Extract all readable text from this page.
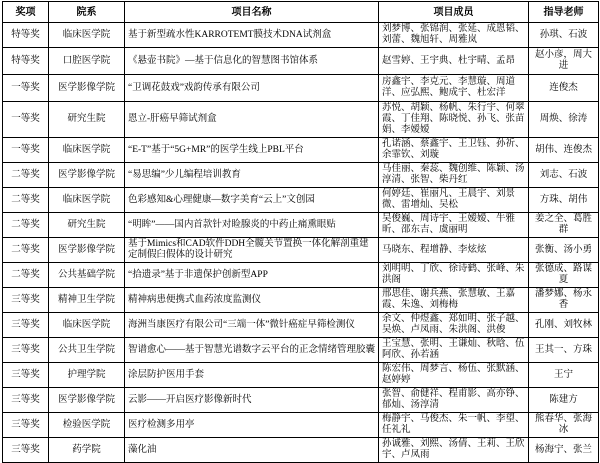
奖项	院系	项目名称	项目成员	指导老师
特等奖	临床医学院	基于新型疏水性KARROTEMT膜技术DNA试剂盒	刘梦博、张锦润、张延、成恩韬、刘蕾、魏旭轩、周雅岚	孙琪、石波
特等奖	口腔医学院	《悬壶书院》—基于信息化的智慧图书馆体系	赵雪婷、王宇典、杜宇晴、孟昂	赵小彦，周大进
一等奖	医学影像学院	“卫调花鼓戏”戏韵传承有限公司	房鑫宇、李克元、李慧璇、周道洋、应弘熙、鲍成宇、杜宏洋	连俊杰
一等奖	研究生院	恩立-肝癌早筛试剂盒	苏悦、胡颖、杨帆、朱行宇、何翠霞、丁佳翔、陈晓悦、孙飞、张苗娟、李嫒嫒	周焕、徐涛
一等奖	临床医学院	“E-T”基于“5G+MR”的医学生线上PBL平台	孔诺涵、蔡鑫宇、王卫钰、孙祈、余霏钦、刘璇	胡伟、连俊杰
二等奖	医学影像学院	“易思编”少儿编程培训教育	马佳丽、秦蕊、魏创维、陈颖、汤淳清、张智、柴丹红	刘志、石波
二等奖	临床医学院	色彩感知&心理健康—数字美育“云上”文创园	何婷廷、崔丽凡、王晨宇、刘景微、雷增灿、吴松	方珠、胡伟
二等奖	研究生院	“明眸”——国内首款针对睑腺炎的中药止痛熏眼贴	吴俊巍、周诗宇、王嫒嫒、牛雅昕、邵东吉、虞丽明	姜之全、葛胜群
二等奖	医学影像学院	基于Mimics和CAD软件DDH全髋关节置换一体化解剖重建定制假臼假体的设计研究	马晓东、程增静、李炫炫	张衡、汤小勇
二等奖	公共基础学院	“拾遗录”基于非遗保护创新型APP	刘明明、丁欣、徐诗鹤、张峰、朱洪阁	张德成、路谋夏
三等奖	精神卫生学院	精神病患便携式血药浓度监测仪	邢思佳、谢兵燕、张慧敏、王嘉霞、朱逸、刘梅梅	潘梦娜、杨永香
三等奖	临床医学院	海洲当康医疗有限公司“三端一体”微针癌症早筛检测仪	余文、仲煜鑫、郑如明、张子越、吴焕、卢凤雨、朱洪阁、洪俊	孔刚、刘牧林
三等奖	公共卫生学院	智谱愈心——基于智慧光谱数字云平台的正念情绪管理胶囊	王宝慧、张明、王谦灿、秋晗、伍阿欣、孙若涵	王其一、方珠
三等奖	护理学院	涂层防护医用手套	陈宏伟、周梦言、杨伍、张默涵、赵婷婷	王宁
三等奖	医学影像学院	云影——开启医疗影像新时代	张智、俞健祥、程甫影、高亦铮、郁灿、汤淳清	陈建方
三等奖	检验医学院	医疗检测多用亭	梅静宇、马俊杰、朱一帆、李望、任礼礼	熊春华、张海冰
三等奖	药学院	藻化油	孙诚雅、刘熙、汤倩、王莉、王欣宇、卢凤雨	杨海宁、张兰
